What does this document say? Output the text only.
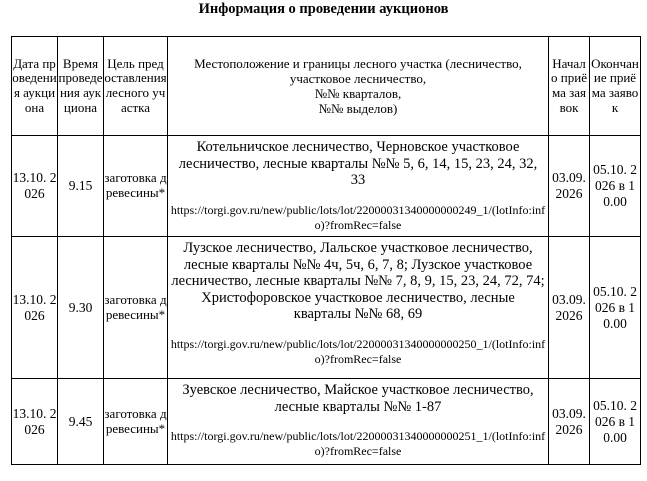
Информация о проведении аукционов
Дата проведения аукциона	Время проведения аукциона	Цель предоставления лесного участка	Местоположение и границы лесного участка (лесничество, участковое лесничество,
№№ кварталов,
№№ выделов)	Начало приёма заявок	Окончание приёма заявок
13.10. 2026	9.15	заготовка древесины*	Котельничское лесничество, Черновское участковое лесничество, лесные кварталы №№ 5, 6, 14, 15, 23, 24, 32, 33
https://torgi.gov.ru/new/public/lots/lot/22000031340000000249_1/(lotInfo:info)?fromRec=false	03.09. 2026	05.10. 2026 в 10.00
13.10. 2026	9.30	заготовка древесины*	Лузское лесничество, Лальское участковое лесничество, лесные кварталы №№ 4ч, 5ч, 6, 7, 8; Лузское участковое лесничество, лесные кварталы №№ 7, 8, 9, 15, 23, 24, 72, 74; Христофоровское участковое лесничество, лесные кварталы №№ 68, 69
https://torgi.gov.ru/new/public/lots/lot/22000031340000000250_1/(lotInfo:info)?fromRec=false	03.09. 2026	05.10. 2026 в 10.00
13.10. 2026	9.45	заготовка древесины*	Зуевское лесничество, Майское участковое лесничество, лесные кварталы №№ 1-87
https://torgi.gov.ru/new/public/lots/lot/22000031340000000251_1/(lotInfo:info)?fromRec=false	03.09. 2026	05.10. 2026 в 10.00
